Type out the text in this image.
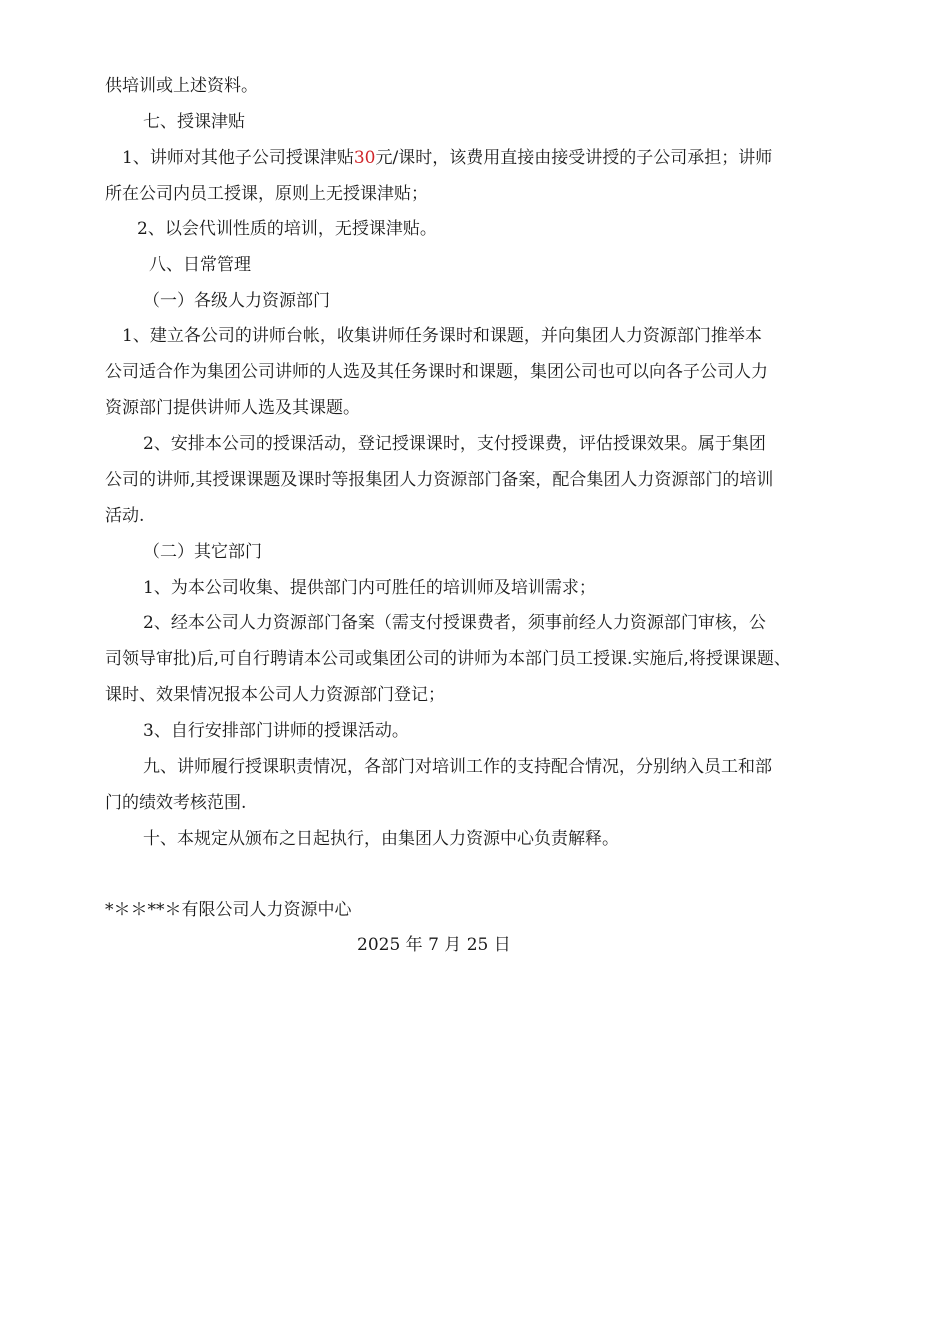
供培训或上述资料。

七、授课津贴

1、讲师对其他子公司授课津贴30元/课时，该费用直接由接受讲授的子公司承担；讲师

所在公司内员工授课，原则上无授课津贴；

2、以会代训性质的培训，无授课津贴。

八、日常管理

（一）各级人力资源部门

1、建立各公司的讲师台帐，收集讲师任务课时和课题，并向集团人力资源部门推举本

公司适合作为集团公司讲师的人选及其任务课时和课题，集团公司也可以向各子公司人力

资源部门提供讲师人选及其课题。

2、安排本公司的授课活动，登记授课课时，支付授课费，评估授课效果。属于集团

公司的讲师,其授课课题及课时等报集团人力资源部门备案，配合集团人力资源部门的培训

活动.

（二）其它部门

1、为本公司收集、提供部门内可胜任的培训师及培训需求；

2、经本公司人力资源部门备案（需支付授课费者，须事前经人力资源部门审核，公

司领导审批)后,可自行聘请本公司或集团公司的讲师为本部门员工授课.实施后,将授课课题、

课时、效果情况报本公司人力资源部门登记；

3、自行安排部门讲师的授课活动。

九、讲师履行授课职责情况，各部门对培训工作的支持配合情况，分别纳入员工和部

门的绩效考核范围.

十、本规定从颁布之日起执行，由集团人力资源中心负责解释。

*＊＊**＊有限公司人力资源中心

2025 年 7 月 25 日
